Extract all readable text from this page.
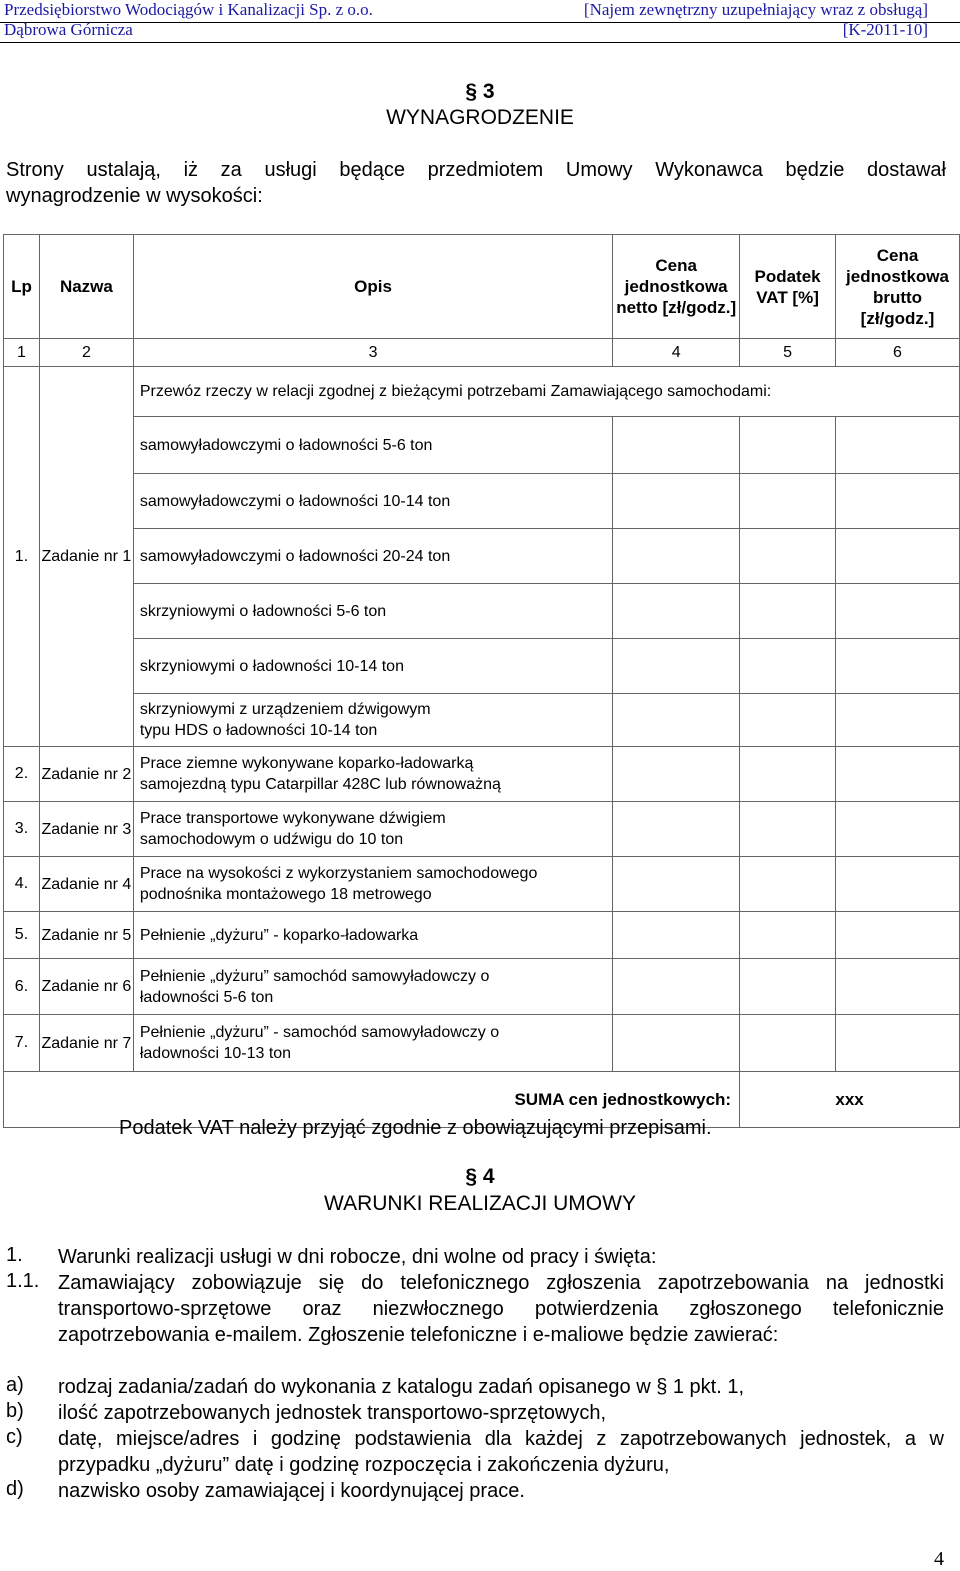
Przedsiębiorstwo Wodociągów i Kanalizacji Sp. z o.o.	[Najem zewnętrzny uzupełniający wraz z obsługą]
Dąbrowa Górnicza	[K-2011-10]
§ 3
WYNAGRODZENIE
Strony ustalają, iż za usługi będące przedmiotem Umowy Wykonawca będzie dostawał
wynagrodzenie w wysokości:
Lp	Nazwa	Opis	Cena jednostkowa netto [zł/godz.]	Podatek VAT [%]	Cena jednostkowa brutto [zł/godz.]
1	2	3	4	5	6
1.	Zadanie nr 1	Przewóz rzeczy w relacji zgodnej z bieżącymi potrzebami Zamawiającego samochodami:			
		samowyładowczymi o ładowności 5-6 ton			
		samowyładowczymi o ładowności 10-14 ton			
		samowyładowczymi o ładowności 20-24 ton			
		skrzyniowymi o ładowności 5-6 ton			
		skrzyniowymi o ładowności 10-14 ton			
		skrzyniowymi z urządzeniem dźwigowym typu HDS o ładowności 10-14 ton			
2.	Zadanie nr 2	Prace ziemne wykonywane koparko-ładowarką samojezdną typu Catarpillar 428C lub równoważną			
3.	Zadanie nr 3	Prace transportowe wykonywane dźwigiem samochodowym o udźwigu do 10 ton			
4.	Zadanie nr 4	Prace na wysokości z wykorzystaniem samochodowego podnośnika montażowego 18 metrowego			
5.	Zadanie nr 5	Pełnienie „dyżuru” - koparko-ładowarka			
6.	Zadanie nr 6	Pełnienie „dyżuru” samochód samowyładowczy o ładowności 5-6 ton			
7.	Zadanie nr 7	Pełnienie „dyżuru” - samochód samowyładowczy o ładowności 10-13 ton			
SUMA cen jednostkowych:				xxx	
Podatek VAT należy przyjąć zgodnie z obowiązującymi przepisami.
§ 4
WARUNKI REALIZACJI UMOWY
1. Warunki realizacji usługi w dni robocze, dni wolne od pracy i święta:
1.1. Zamawiający zobowiązuje się do telefonicznego zgłoszenia zapotrzebowania na jednostki transportowo-sprzętowe oraz niezwłocznego potwierdzenia zgłoszonego telefonicznie zapotrzebowania e-mailem. Zgłoszenie telefoniczne i e-maliowe będzie zawierać:
a) rodzaj zadania/zadań do wykonania z katalogu zadań opisanego w § 1 pkt. 1,
b) ilość zapotrzebowanych jednostek transportowo-sprzętowych,
c) datę, miejsce/adres i godzinę podstawienia dla każdej z zapotrzebowanych jednostek, a w przypadku „dyżuru” datę i godzinę rozpoczęcia i zakończenia dyżuru,
d) nazwisko osoby zamawiającej i koordynującej prace.
4
